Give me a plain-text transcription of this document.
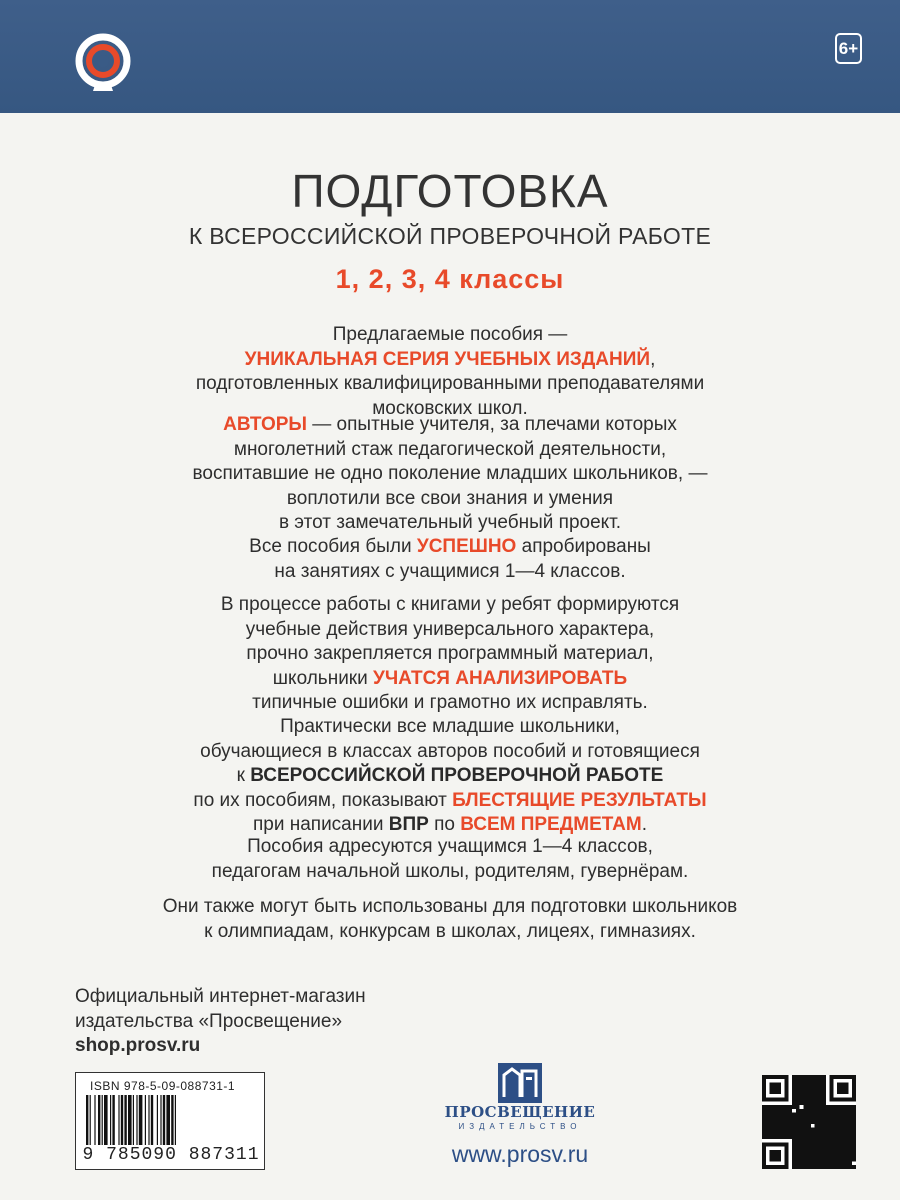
6+
ПОДГОТОВКА
К ВСЕРОССИЙСКОЙ ПРОВЕРОЧНОЙ РАБОТЕ
1, 2, 3, 4 классы
Предлагаемые пособия —
УНИКАЛЬНАЯ СЕРИЯ УЧЕБНЫХ ИЗДАНИЙ,
подготовленных квалифицированными преподавателями
московских школ.
АВТОРЫ — опытные учителя, за плечами которых
многолетний стаж педагогической деятельности,
воспитавшие не одно поколение младших школьников, —
воплотили все свои знания и умения
в этот замечательный учебный проект.
Все пособия были УСПЕШНО апробированы
на занятиях с учащимися 1—4 классов.
В процессе работы с книгами у ребят формируются
учебные действия универсального характера,
прочно закрепляется программный материал,
школьники УЧАТСЯ АНАЛИЗИРОВАТЬ
типичные ошибки и грамотно их исправлять.
Практически все младшие школьники,
обучающиеся в классах авторов пособий и готовящиеся
к ВСЕРОССИЙСКОЙ ПРОВЕРОЧНОЙ РАБОТЕ
по их пособиям, показывают БЛЕСТЯЩИЕ РЕЗУЛЬТАТЫ
при написании ВПР по ВСЕМ ПРЕДМЕТАМ.
Пособия адресуются учащимся 1—4 классов,
педагогам начальной школы, родителям, гувернёрам.
Они также могут быть использованы для подготовки школьников
к олимпиадам, конкурсам в школах, лицеях, гимназиях.
Официальный интернет-магазин
издательства «Просвещение»
shop.prosv.ru
ISBN 978-5-09-088731-1
9 785090 887311
ПРОСВЕЩЕНИЕ
ИЗДАТЕЛЬСТВО
www.prosv.ru
